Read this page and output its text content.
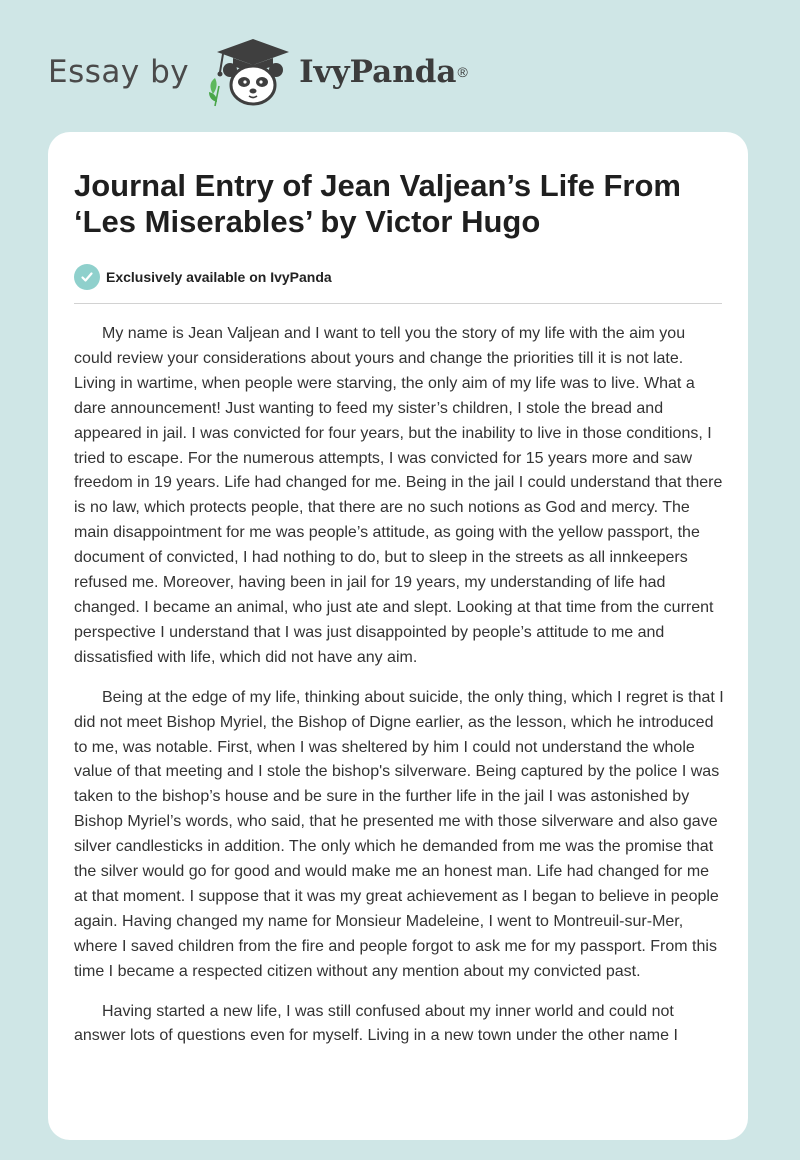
Essay by	IvyPanda ®
Journal Entry of Jean Valjean’s Life From ‘Les Miserables’ by Victor Hugo
Exclusively available on IvyPanda

My name is Jean Valjean and I want to tell you the story of my life with the aim you could review your considerations about yours and change the priorities till it is not late. Living in wartime, when people were starving, the only aim of my life was to live. What a dare announcement! Just wanting to feed my sister’s children, I stole the bread and appeared in jail. I was convicted for four years, but the inability to live in those conditions, I tried to escape. For the numerous attempts, I was convicted for 15 years more and saw freedom in 19 years. Life had changed for me. Being in the jail I could understand that there is no law, which protects people, that there are no such notions as God and mercy. The main disappointment for me was people’s attitude, as going with the yellow passport, the document of convicted, I had nothing to do, but to sleep in the streets as all innkeepers refused me. Moreover, having been in jail for 19 years, my understanding of life had changed. I became an animal, who just ate and slept. Looking at that time from the current perspective I understand that I was just disappointed by people’s attitude to me and dissatisfied with life, which did not have any aim.

Being at the edge of my life, thinking about suicide, the only thing, which I regret is that I did not meet Bishop Myriel, the Bishop of Digne earlier, as the lesson, which he introduced to me, was notable. First, when I was sheltered by him I could not understand the whole value of that meeting and I stole the bishop's silverware. Being captured by the police I was taken to the bishop’s house and be sure in the further life in the jail I was astonished by Bishop Myriel’s words, who said, that he presented me with those silverware and also gave silver candlesticks in addition. The only which he demanded from me was the promise that the silver would go for good and would make me an honest man. Life had changed for me at that moment. I suppose that it was my great achievement as I began to believe in people again. Having changed my name for Monsieur Madeleine, I went to Montreuil-sur-Mer, where I saved children from the fire and people forgot to ask me for my passport. From this time I became a respected citizen without any mention about my convicted past.

Having started a new life, I was still confused about my inner world and could not answer lots of questions even for myself. Living in a new town under the other name I
